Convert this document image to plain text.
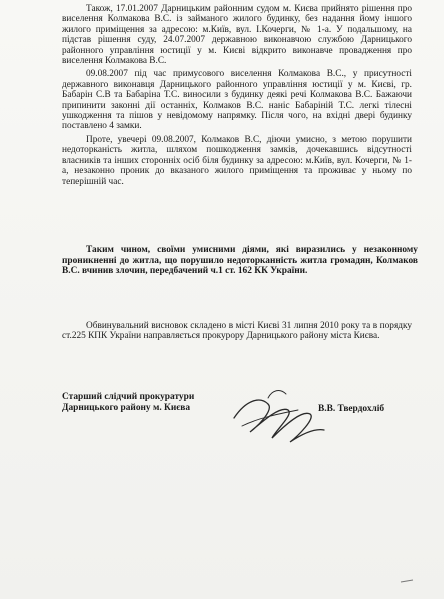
Також, 17.01.2007 Дарницьким районним судом м. Києва прийнято рішення про виселення Колмакова В.С. із займаного жилого будинку, без надання йому іншого жилого приміщення за адресою: м.Київ, вул. І.Кочерги, № 1-а. У подальшому, на підстав рішення суду, 24.07.2007 державною виконавчою службою Дарницького районного управління юстиції у м. Києві відкрито виконавче провадження про виселення Колмакова В.С.

09.08.2007 під час примусового виселення Колмакова В.С., у присутності державного виконавця Дарницького районного управління юстиції у м. Києві, гр. Бабарін С.В та Бабаріна Т.С. виносили з будинку деякі речі Колмакова В.С. Бажаючи припинити законні дії останніх, Колмаков В.С. наніс Бабаріній Т.С. легкі тілесні ушкодження та пішов у невідомому напрямку. Після чого, на вхідні двері будинку поставлено 4 замки.

Проте, увечері 09.08.2007, Колмаков В.С, діючи умисно, з метою порушити недоторканість житла, шляхом пошкодження замків, дочекавшись відсутності власників та інших сторонніх осіб біля будинку за адресою: м.Київ, вул. Кочерги, № 1-а, незаконно проник до вказаного жилого приміщення та проживає у ньому по теперішній час.

Таким чином, своїми умисними діями, які виразились у незаконному проникненні до житла, що порушило недоторканність житла громадян, Колмаков В.С. вчинив злочин, передбачений ч.1 ст. 162 КК України.

Обвинувальний висновок складено в місті Києві 31 липня 2010 року та в порядку ст.225 КПК України направляється прокурору Дарницького району міста Києва.

Старший слідчий прокуратури
Дарницького району м. Києва	В.В. Твердохліб
